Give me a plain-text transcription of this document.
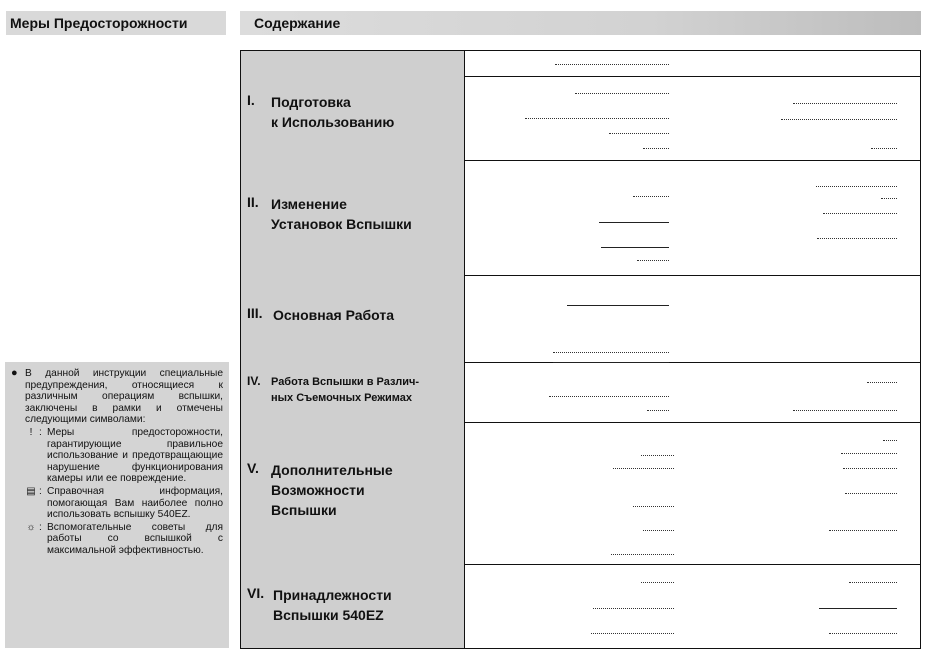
Меры Предосторожности
● В данной инструкции специальные предупреждения, относящиеся к различным операциям вспышки, заключены в рамки и отмечены следующими символами:
! : Меры предосторожности, гарантирующие правильное использование и предотвращающие нарушение функционирования камеры или ее повреждение.
▤ : Справочная информация, помогающая Вам наиболее полно использовать вспышку 540EZ.
☼ : Вспомогательные советы для работы со вспышкой с максимальной эффективностью.
Содержание
I. Подготовка
к Использованию
II. Изменение
Установок Вспышки
III. Основная Работа
IV. Работа Вспышки в Различ-
ных Съемочных Режимах
V. Дополнительные
Возможности
Вспышки
VI. Принадлежности
Вспышки 540EZ
